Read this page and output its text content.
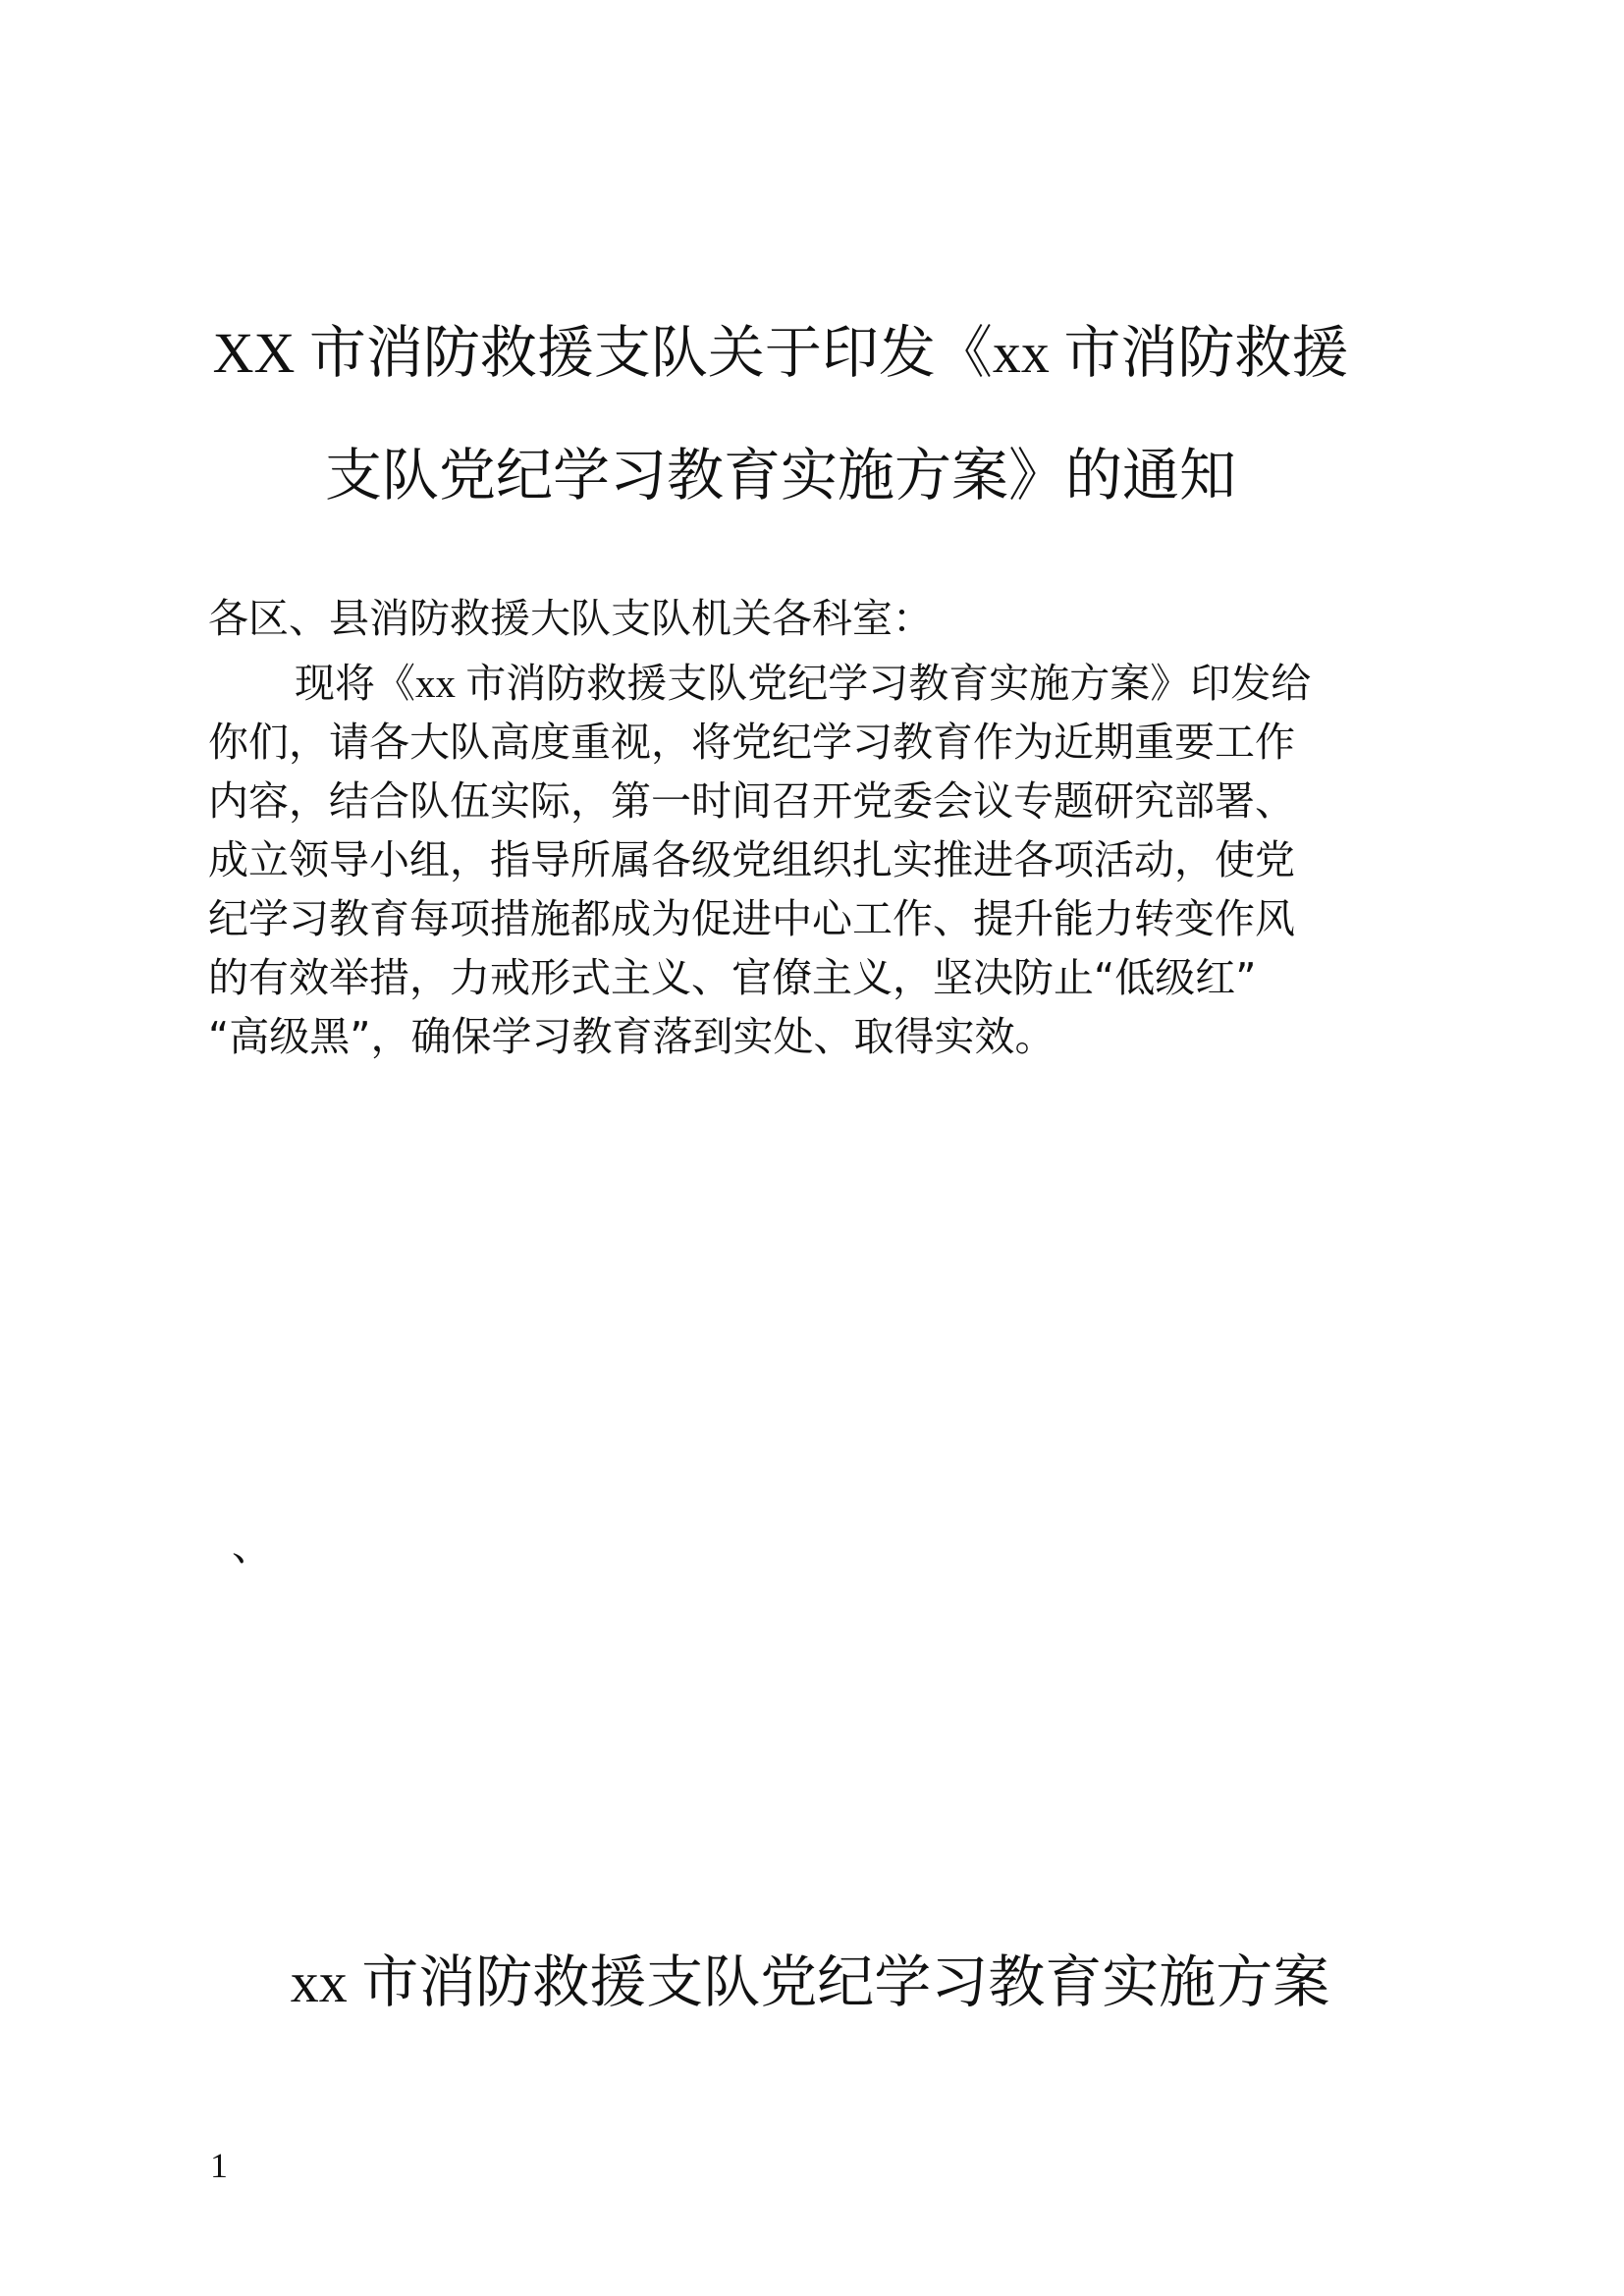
XX 市消防救援支队关于印发《xx 市消防救援
支队党纪学习教育实施方案》的通知
各区、县消防救援大队支队机关各科室：
现将《xx 市消防救援支队党纪学习教育实施方案》印发给
你们，请各大队高度重视，将党纪学习教育作为近期重要工作
内容，结合队伍实际，第一时间召开党委会议专题研究部署、
成立领导小组，指导所属各级党组织扎实推进各项活动，使党
纪学习教育每项措施都成为促进中心工作、提升能力转变作风
的有效举措，力戒形式主义、官僚主义，坚决防止“低级红”
“高级黑”，确保学习教育落到实处、取得实效。
、
xx 市消防救援支队党纪学习教育实施方案
1
